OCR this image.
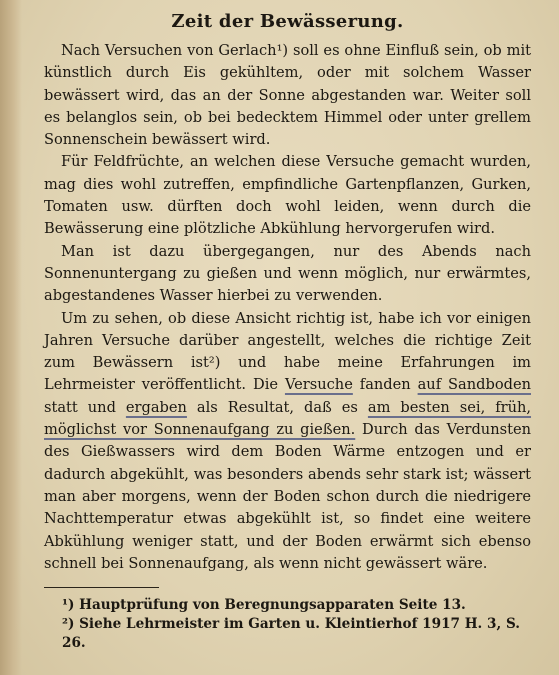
Zeit der Bewässerung.

Nach Versuchen von Gerlach¹) soll es ohne Einfluß sein, ob mit künstlich durch Eis gekühltem, oder mit solchem Wasser bewässert wird, das an der Sonne abgestanden war. Weiter soll es belanglos sein, ob bei bedecktem Himmel oder unter grellem Sonnenschein bewässert wird.

Für Feldfrüchte, an welchen diese Versuche gemacht wurden, mag dies wohl zutreffen, empfindliche Gartenpflanzen, Gurken, Tomaten usw. dürften doch wohl leiden, wenn durch die Bewässerung eine plötzliche Abkühlung hervorgerufen wird.

Man ist dazu übergegangen, nur des Abends nach Sonnenuntergang zu gießen und wenn möglich, nur erwärmtes, abgestandenes Wasser hierbei zu verwenden.

Um zu sehen, ob diese Ansicht richtig ist, habe ich vor einigen Jahren Versuche darüber angestellt, welches die richtige Zeit zum Bewässern ist²) und habe meine Erfahrungen im Lehrmeister veröffentlicht. Die Versuche fanden auf Sandboden statt und ergaben als Resultat, daß es am besten sei, früh, möglichst vor Sonnenaufgang zu gießen. Durch das Verdunsten des Gießwassers wird dem Boden Wärme entzogen und er dadurch abgekühlt, was besonders abends sehr stark ist; wässert man aber morgens, wenn der Boden schon durch die niedrigere Nachttemperatur etwas abgekühlt ist, so findet eine weitere Abkühlung weniger statt, und der Boden erwärmt sich ebenso schnell bei Sonnenaufgang, als wenn nicht gewässert wäre.

¹) Hauptprüfung von Beregnungsapparaten Seite 13.

²) Siehe Lehrmeister im Garten u. Kleintierhof 1917 H. 3, S. 26.
